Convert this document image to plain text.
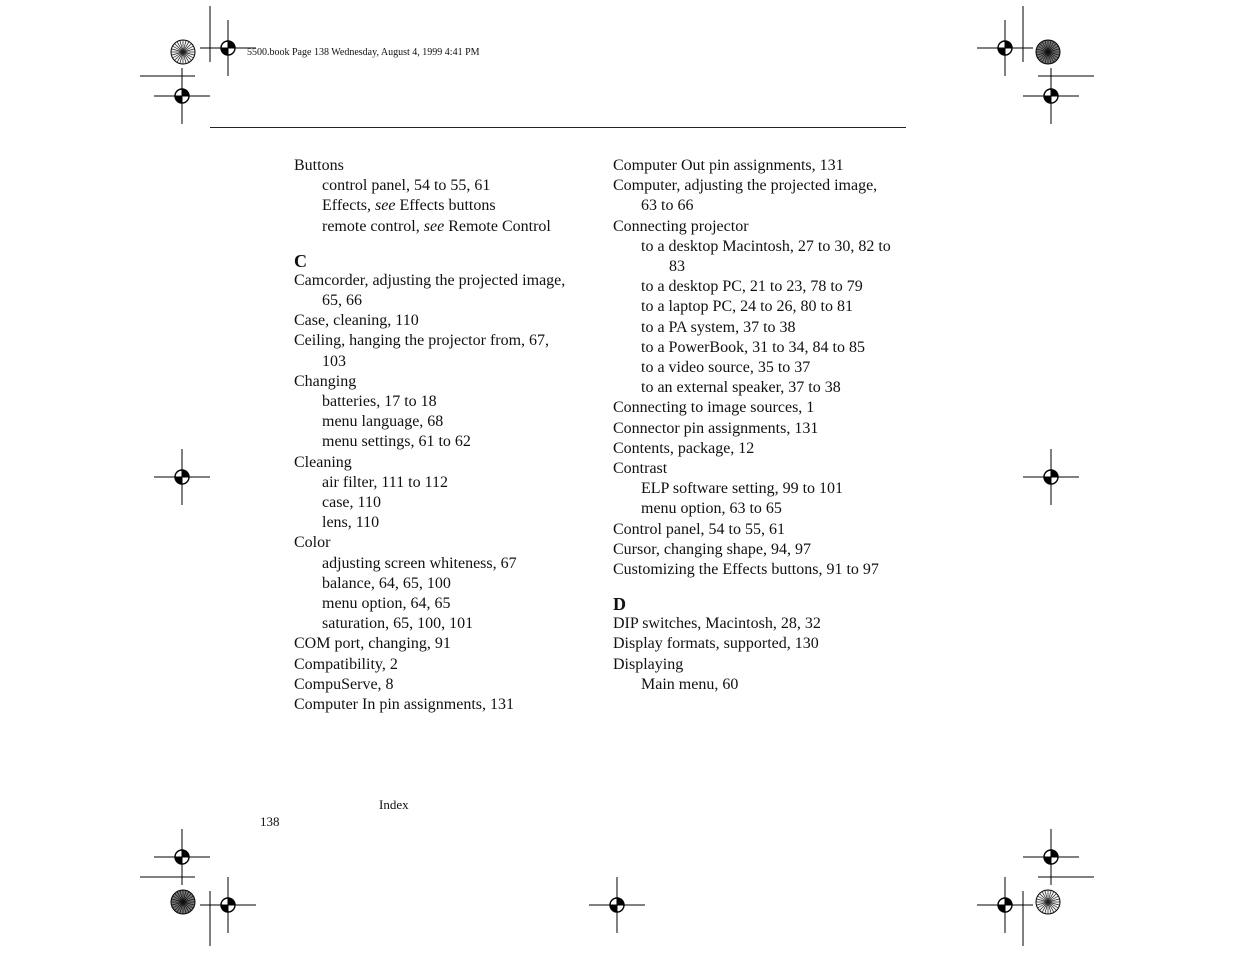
5500.book Page 138 Wednesday, August 4, 1999 4:41 PM
Buttons
control panel, 54 to 55, 61
Effects, see Effects buttons
remote control, see Remote Control
C
Camcorder, adjusting the projected image,
65, 66
Case, cleaning, 110
Ceiling, hanging the projector from, 67,
103
Changing
batteries, 17 to 18
menu language, 68
menu settings, 61 to 62
Cleaning
air filter, 111 to 112
case, 110
lens, 110
Color
adjusting screen whiteness, 67
balance, 64, 65, 100
menu option, 64, 65
saturation, 65, 100, 101
COM port, changing, 91
Compatibility, 2
CompuServe, 8
Computer In pin assignments, 131
Computer Out pin assignments, 131
Computer, adjusting the projected image,
63 to 66
Connecting projector
to a desktop Macintosh, 27 to 30, 82 to
83
to a desktop PC, 21 to 23, 78 to 79
to a laptop PC, 24 to 26, 80 to 81
to a PA system, 37 to 38
to a PowerBook, 31 to 34, 84 to 85
to a video source, 35 to 37
to an external speaker, 37 to 38
Connecting to image sources, 1
Connector pin assignments, 131
Contents, package, 12
Contrast
ELP software setting, 99 to 101
menu option, 63 to 65
Control panel, 54 to 55, 61
Cursor, changing shape, 94, 97
Customizing the Effects buttons, 91 to 97
D
DIP switches, Macintosh, 28, 32
Display formats, supported, 130
Displaying
Main menu, 60
Index
138
